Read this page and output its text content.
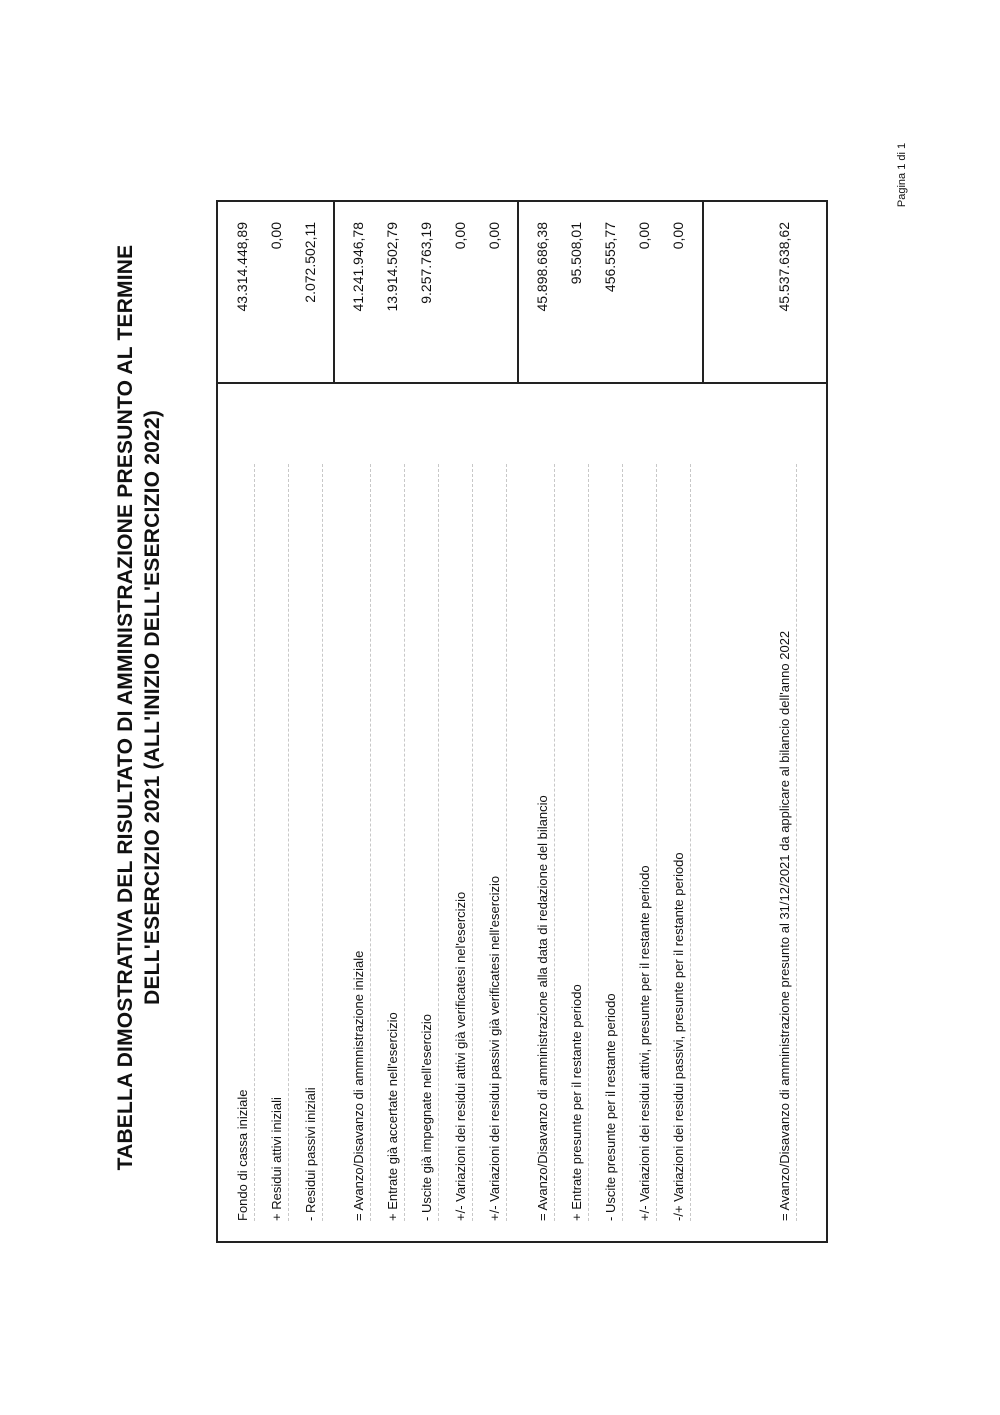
TABELLA DIMOSTRATIVA DEL RISULTATO DI AMMINISTRAZIONE PRESUNTO AL TERMINE DELL'ESERCIZIO 2021 (ALL'INIZIO DELL'ESERCIZIO 2022)
Fondo di cassa iniziale
43.314.448,89
+ Residui attivi iniziali
0,00
- Residui passivi iniziali
2.072.502,11
= Avanzo/Disavanzo di ammnistrazione iniziale
41.241.946,78
+ Entrate già accertate nell'esercizio
13.914.502,79
- Uscite già impegnate nell'esercizio
9.257.763,19
+/- Variazioni dei residui attivi già verificatesi nel'esercizio
0,00
+/- Variazioni dei residui passivi già verificatesi nell'esercizio
0,00
= Avanzo/Disavanzo di amministrazione alla data di redazione del bilancio
45.898.686,38
+ Entrate presunte per il restante periodo
95.508,01
- Uscite presunte per il restante periodo
456.555,77
+/- Variazioni dei residui attivi, presunte per il restante periodo
0,00
-/+ Variazioni dei residui passivi, presunte per il restante periodo
0,00
= Avanzo/Disavanzo di amministrazione presunto al 31/12/2021 da applicare al bilancio dell'anno 2022
45.537.638,62
Pagina 1 di 1
